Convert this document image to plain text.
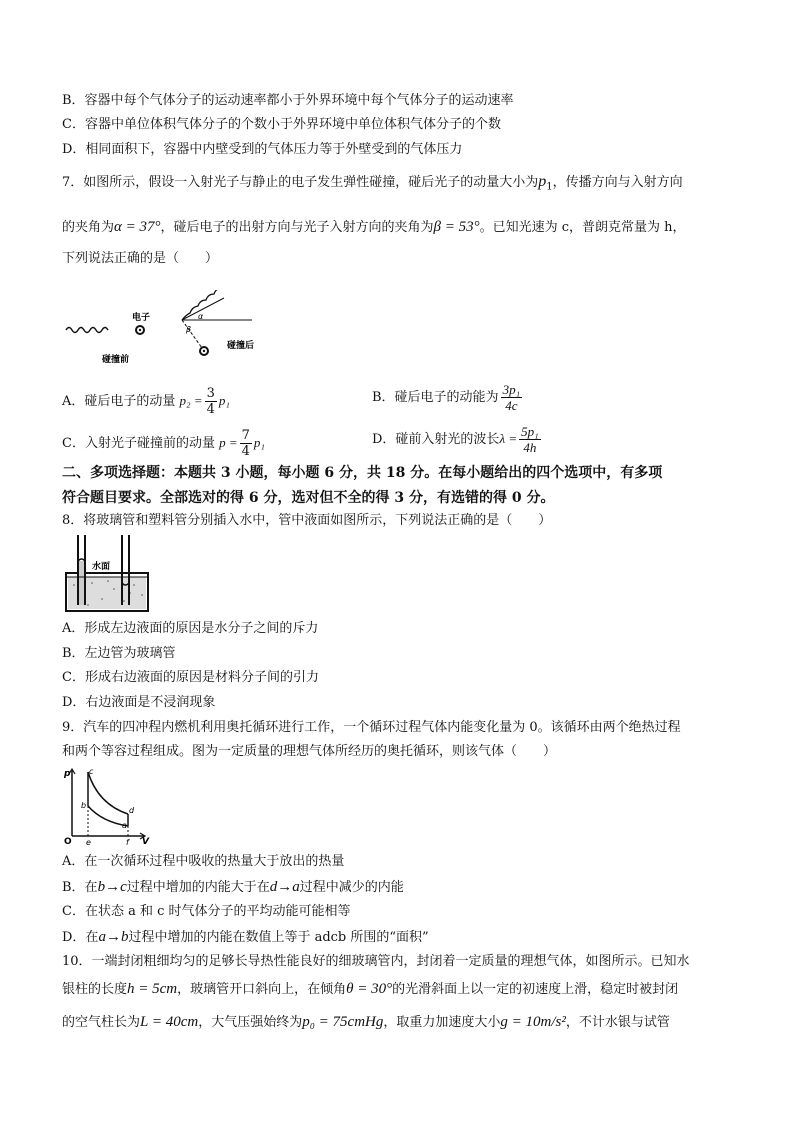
B．容器中每个气体分子的运动速率都小于外界环境中每个气体分子的运动速率
C．容器中单位体积气体分子的个数小于外界环境中单位体积气体分子的个数
D．相同面积下，容器中内壁受到的气体压力等于外壁受到的气体压力
7．如图所示，假设一入射光子与静止的电子发生弹性碰撞，碰后光子的动量大小为$p_1$，传播方向与入射方向
的夹角为α = 37°，碰后电子的出射方向与光子入射方向的夹角为β = 53°。已知光速为 c，普朗克常量为 h，
下列说法正确的是（　　）
电子
碰撞前
α
β
碰撞后
A．碰后电子的动量 $p_2 = \frac{3}{4} p_1$	B．碰后电子的动能为 $\frac{\text{3p₁}}{4c}$
C．入射光子碰撞前的动量 $p = \frac{7}{4} p_1$	D．碰前入射光的波长$\lambda = \frac{\text{5p₁}}{4h}$
二、多项选择题：本题共 3 小题，每小题 6 分，共 18 分。在每小题给出的四个选项中，有多项
符合题目要求。全部选对的得 6 分，选对但不全的得 3 分，有选错的得 0 分。
8．将玻璃管和塑料管分别插入水中，管中液面如图所示，下列说法正确的是（　　）
水面
A．形成左边液面的原因是水分子之间的斥力
B．左边管为玻璃管
C．形成右边液面的原因是材料分子间的引力
D．右边液面是不浸润现象
9．汽车的四冲程内燃机利用奥托循环进行工作，一个循环过程气体内能变化量为 0。该循环由两个绝热过程
和两个等容过程组成。图为一定质量的理想气体所经历的奥托循环，则该气体（　　）
p
O	V
c
b
d
a
e	f
A．在一次循环过程中吸收的热量大于放出的热量
B．在b→c过程中增加的内能大于在d→a过程中减少的内能
C．在状态 a 和 c 时气体分子的平均动能可能相等
D．在a→b过程中增加的内能在数值上等于 adcb 所围的“面积”
10．一端封闭粗细均匀的足够长导热性能良好的细玻璃管内，封闭着一定质量的理想气体，如图所示。已知水
银柱的长度h = 5cm，玻璃管开口斜向上，在倾角θ = 30°的光滑斜面上以一定的初速度上滑，稳定时被封闭
的空气柱长为L = 40cm，大气压强始终为p₀ = 75cmHg，取重力加速度大小g = 10m/s²，不计水银与试管
